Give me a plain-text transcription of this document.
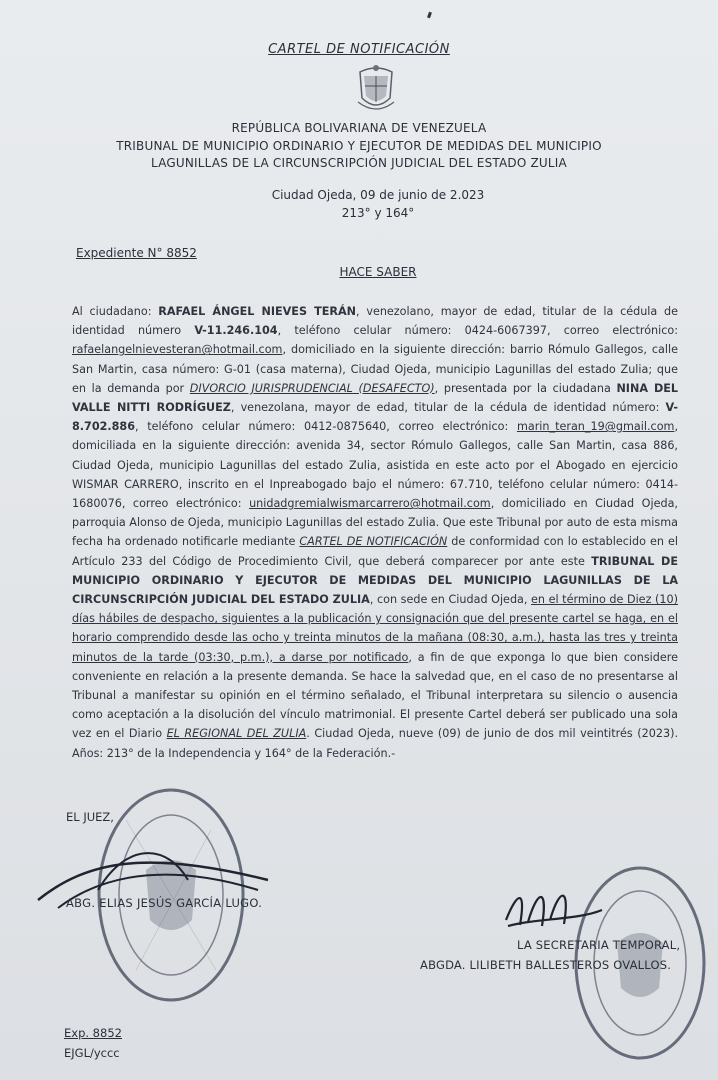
CARTEL DE NOTIFICACIÓN
REPÚBLICA BOLIVARIANA DE VENEZUELA
TRIBUNAL DE MUNICIPIO ORDINARIO Y EJECUTOR DE MEDIDAS DEL MUNICIPIO
LAGUNILLAS DE LA CIRCUNSCRIPCIÓN JUDICIAL DEL ESTADO ZULIA
Ciudad Ojeda, 09 de junio de 2.023
213° y 164°
Expediente N° 8852
HACE SABER
Al ciudadano: RAFAEL ÁNGEL NIEVES TERÁN, venezolano, mayor de edad, titular de la cédula de identidad número V-11.246.104, teléfono celular número: 0424-6067397, correo electrónico: rafaelangelnievesteran@hotmail.com, domiciliado en la siguiente dirección: barrio Rómulo Gallegos, calle San Martin, casa número: G-01 (casa materna), Ciudad Ojeda, municipio Lagunillas del estado Zulia; que en la demanda por DIVORCIO JURISPRUDENCIAL (DESAFECTO), presentada por la ciudadana NINA DEL VALLE NITTI RODRÍGUEZ, venezolana, mayor de edad, titular de la cédula de identidad número: V-8.702.886, teléfono celular número: 0412-0875640, correo electrónico: marin_teran_19@gmail.com, domiciliada en la siguiente dirección: avenida 34, sector Rómulo Gallegos, calle San Martin, casa 886, Ciudad Ojeda, municipio Lagunillas del estado Zulia, asistida en este acto por el Abogado en ejercicio WISMAR CARRERO, inscrito en el Inpreabogado bajo el número: 67.710, teléfono celular número: 0414-1680076, correo electrónico: unidadgremialwismarcarrero@hotmail.com, domiciliado en Ciudad Ojeda, parroquia Alonso de Ojeda, municipio Lagunillas del estado Zulia. Que este Tribunal por auto de esta misma fecha ha ordenado notificarle mediante CARTEL DE NOTIFICACIÓN de conformidad con lo establecido en el Artículo 233 del Código de Procedimiento Civil, que deberá comparecer por ante este TRIBUNAL DE MUNICIPIO ORDINARIO Y EJECUTOR DE MEDIDAS DEL MUNICIPIO LAGUNILLAS DE LA CIRCUNSCRIPCIÓN JUDICIAL DEL ESTADO ZULIA, con sede en Ciudad Ojeda, en el término de Diez (10) días hábiles de despacho, siguientes a la publicación y consignación que del presente cartel se haga, en el horario comprendido desde las ocho y treinta minutos de la mañana (08:30, a.m.), hasta las tres y treinta minutos de la tarde (03:30, p.m.), a darse por notificado, a fin de que exponga lo que bien considere conveniente en relación a la presente demanda. Se hace la salvedad que, en el caso de no presentarse al Tribunal a manifestar su opinión en el término señalado, el Tribunal interpretara su silencio o ausencia como aceptación a la disolución del vínculo matrimonial. El presente Cartel deberá ser publicado una sola vez en el Diario EL REGIONAL DEL ZULIA. Ciudad Ojeda, nueve (09) de junio de dos mil veintitrés (2023). Años: 213° de la Independencia y 164° de la Federación.-
EL JUEZ,
ABG. ELIAS JESÚS GARCÍA LUGO.
LA SECRETARIA TEMPORAL,
ABGDA. LILIBETH BALLESTEROS OVALLOS.
Exp. 8852
EJGL/yccc
